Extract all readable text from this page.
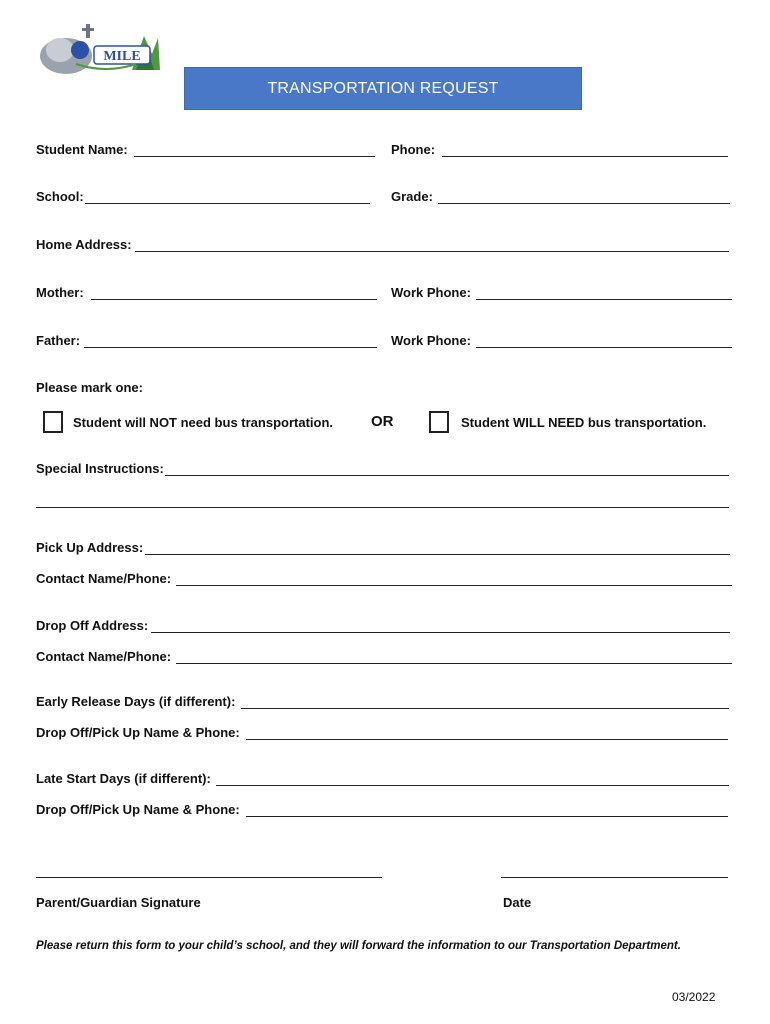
MILE
TRANSPORTATION REQUEST
Student Name:	Phone:
School:	Grade:
Home Address:
Mother:	Work Phone:
Father:	Work Phone:
Please mark one:
Student will NOT need bus transportation.	OR	Student WILL NEED bus transportation.
Special Instructions:
Pick Up Address:
Contact Name/Phone:
Drop Off Address:
Contact Name/Phone:
Early Release Days (if different):
Drop Off/Pick Up Name & Phone:
Late Start Days (if different):
Drop Off/Pick Up Name & Phone:
Parent/Guardian Signature	Date
Please return this form to your child’s school, and they will forward the information to our Transportation Department.
03/2022
